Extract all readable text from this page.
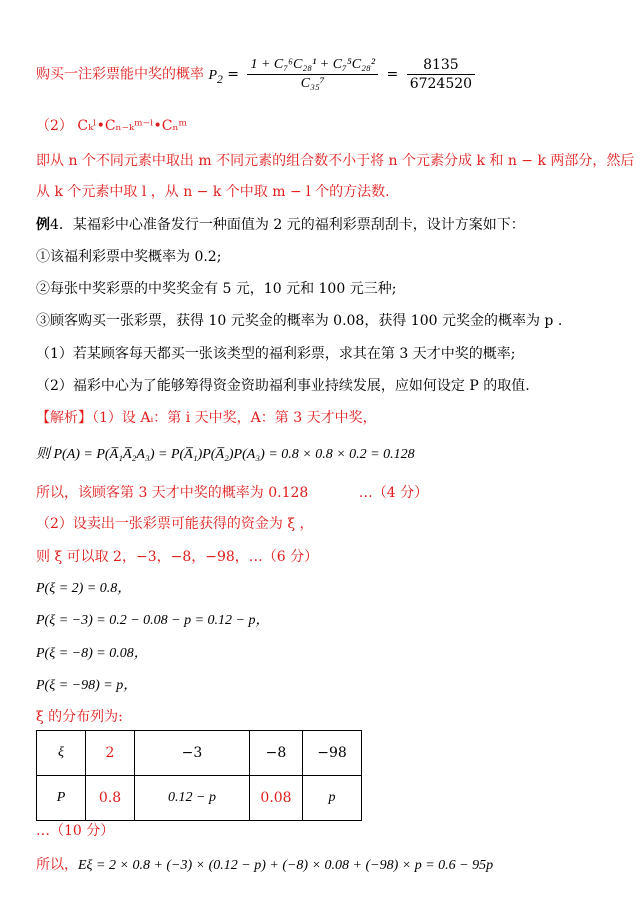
购买一注彩票能中奖的概率 $P_2 = \frac{\text{1 + C₇⁶C₂₈¹ + C₇⁵C₂₈²}}{\text{C₃₅⁷}} = \frac{8135}{6724520}$
（2） Cₖˡ•Cₙ₋ₖᵐ⁻ˡ•Cₙᵐ
即从 n 个不同元素中取出 m 不同元素的组合数不小于将 n 个元素分成 k 和 n − k 两部分，然后
从 k 个元素中取 l ，从 n − k 个中取 m − l 个的方法数.
例4．某福彩中心准备发行一种面值为 2 元的福利彩票刮刮卡，设计方案如下：
①该福利彩票中奖概率为 0.2;
②每张中奖彩票的中奖奖金有 5 元，10 元和 100 元三种;
③顾客购买一张彩票，获得 10 元奖金的概率为 0.08，获得 100 元奖金的概率为 p .
（1）若某顾客每天都买一张该类型的福利彩票，求其在第 3 天才中奖的概率;
（2）福彩中心为了能够筹得资金资助福利事业持续发展，应如何设定 P 的取值.
【解析】（1）设 Aᵢ：第 i 天中奖，A：第 3 天才中奖，
则 P(A) = P(A̅₁A̅₂A₃) = P(A̅₁)P(A̅₂)P(A₃) = 0.8 × 0.8 × 0.2 = 0.128
所以，该顾客第 3 天才中奖的概率为 0.128	…（4 分）
（2）设卖出一张彩票可能获得的资金为 ξ ，
则 ξ 可以取 2，−3，−8，−98，…（6 分）
P(ξ = 2) = 0.8，
P(ξ = −3) = 0.2 − 0.08 − p = 0.12 − p，
P(ξ = −8) = 0.08，
P(ξ = −98) = p，
ξ 的分布列为:
ξ	2	−3	−8	−98
P	0.8	0.12 − p	0.08	p
…（10 分）
所以，Eξ = 2 × 0.8 + (−3) × (0.12 − p) + (−8) × 0.08 + (−98) × p = 0.6 − 95p
